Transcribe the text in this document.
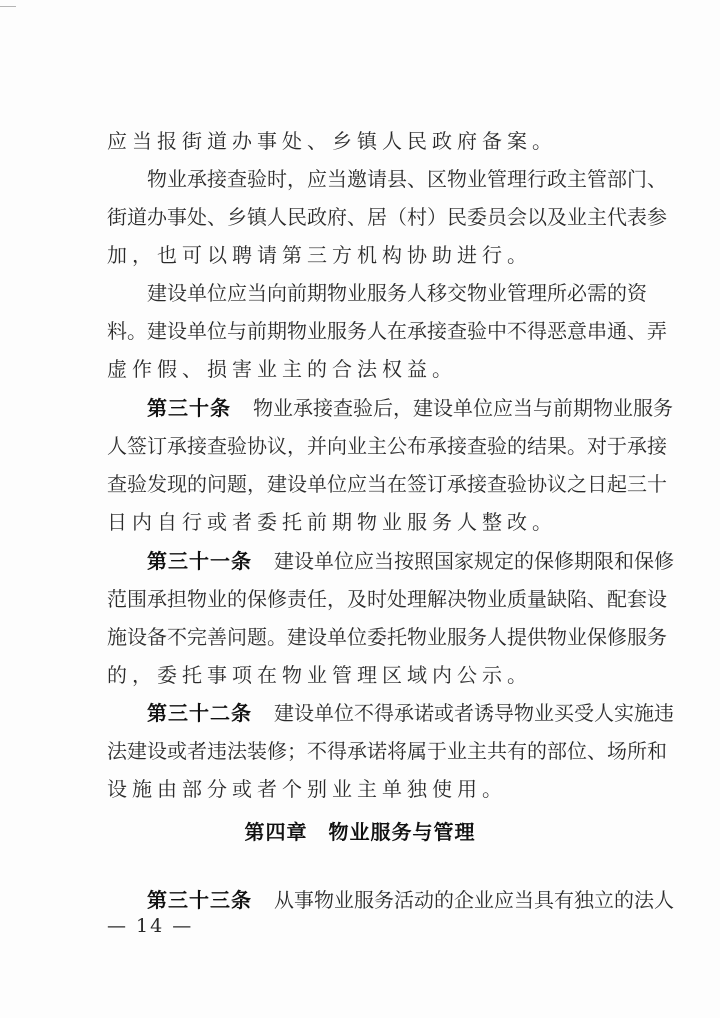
应当报街道办事处、乡镇人民政府备案。
物 业 承 接 查 验 时 ， 应 当 邀 请 县 、 区 物 业 管 理 行 政 主 管 部 门 、
街 道 办 事 处 、 乡 镇 人 民 政 府 、 居 （ 村 ） 民 委 员 会 以 及 业 主 代 表 参
加，也可以聘请第三方机构协助进行。
建 设 单 位 应 当 向 前 期 物 业 服 务 人 移 交 物 业 管 理 所 必 需 的 资
料 。 建 设 单 位 与 前 期 物 业 服 务 人 在 承 接 查 验 中 不 得 恶 意 串 通 、 弄
虚作假、损害业主的合法权益。
第三十条 物 业 承 接 查 验 后 ， 建 设 单 位 应 当 与 前 期 物 业 服 务
人 签 订 承 接 查 验 协 议 ， 并 向 业 主 公 布 承 接 查 验 的 结 果 。 对 于 承 接
查 验 发 现 的 问 题 ， 建 设 单 位 应 当 在 签 订 承 接 查 验 协 议 之 日 起 三 十
日内自行或者委托前期物业服务人整改。
第三十一条 建 设 单 位 应 当 按 照 国 家 规 定 的 保 修 期 限 和 保 修
范 围 承 担 物 业 的 保 修 责 任 ， 及 时 处 理 解 决 物 业 质 量 缺 陷 、 配 套 设
施 设 备 不 完 善 问 题 。 建 设 单 位 委 托 物 业 服 务 人 提 供 物 业 保 修 服 务
的，委托事项在物业管理区域内公示。
第三十二条 建 设 单 位 不 得 承 诺 或 者 诱 导 物 业 买 受 人 实 施 违
法 建 设 或 者 违 法 装 修 ； 不 得 承 诺 将 属 于 业 主 共 有 的 部 位 、 场 所 和
设施由部分或者个别业主单独使用。
第四章　物业服务与管理
第三十三条 从 事 物 业 服 务 活 动 的 企 业 应 当 具 有 独 立 的 法 人
— 14 —
